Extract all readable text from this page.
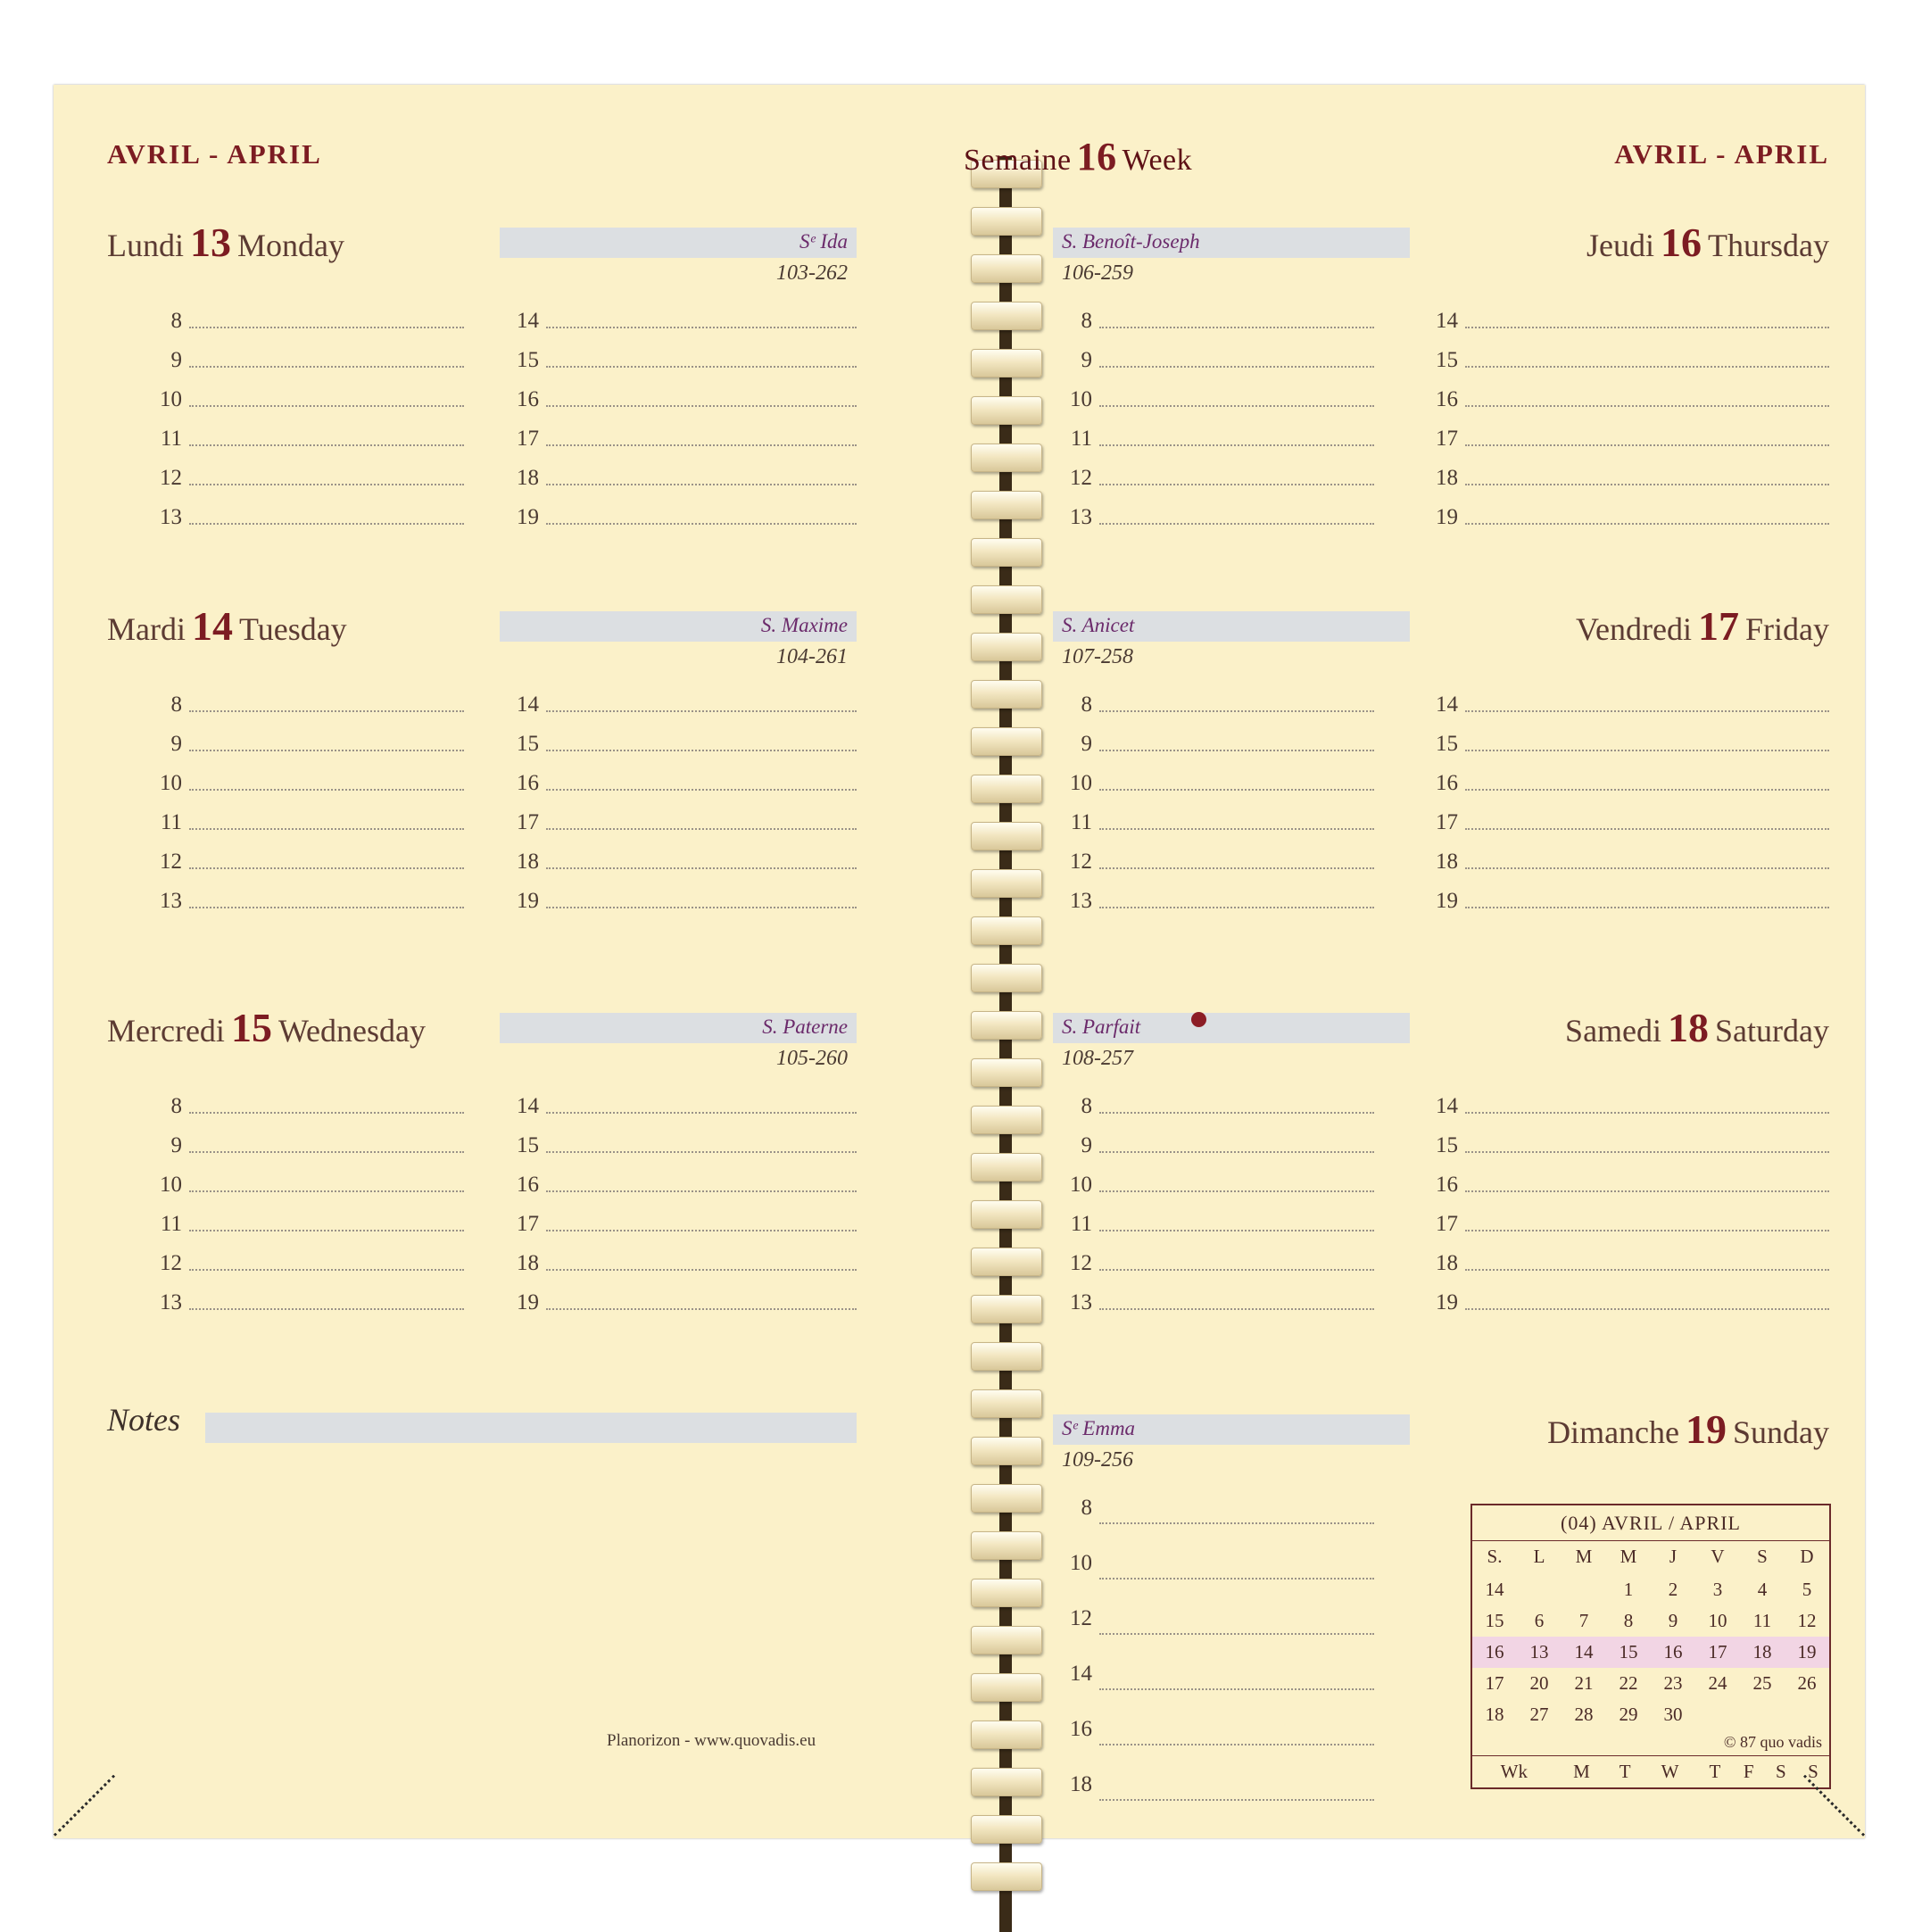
AVRIL - APRIL
Lundi 13 Monday	Sᵉ Ida
103-262
8
9
10
11
12
13
14
15
16
17
18
19
Mardi 14 Tuesday	S. Maxime
104-261
8
9
10
11
12
13
14
15
16
17
18
19
Mercredi 15 Wednesday	S. Paterne
105-260
8
9
10
11
12
13
14
15
16
17
18
19
Notes
Planorizon - www.quovadis.eu
Semaine 16 Week	AVRIL - APRIL
Jeudi 16 Thursday
S. Benoît-Joseph
106-259
8
9
10
11
12
13
14
15
16
17
18
19
Vendredi 17 Friday
S. Anicet
107-258
8
9
10
11
12
13
14
15
16
17
18
19
Samedi 18 Saturday
S. Parfait
108-257
8
9
10
11
12
13
14
15
16
17
18
19
Dimanche 19 Sunday
Sᵉ Emma
109-256
8
10
12
14
16
18
(04) AVRIL / APRIL
S.	L	M	M	J	V	S	D
14			1	2	3	4	5
15	6	7	8	9	10	11	12
16	13	14	15	16	17	18	19
17	20	21	22	23	24	25	26
18	27	28	29	30			
© 87 quo vadis
Wk	M	T	W	T	F	S	S
